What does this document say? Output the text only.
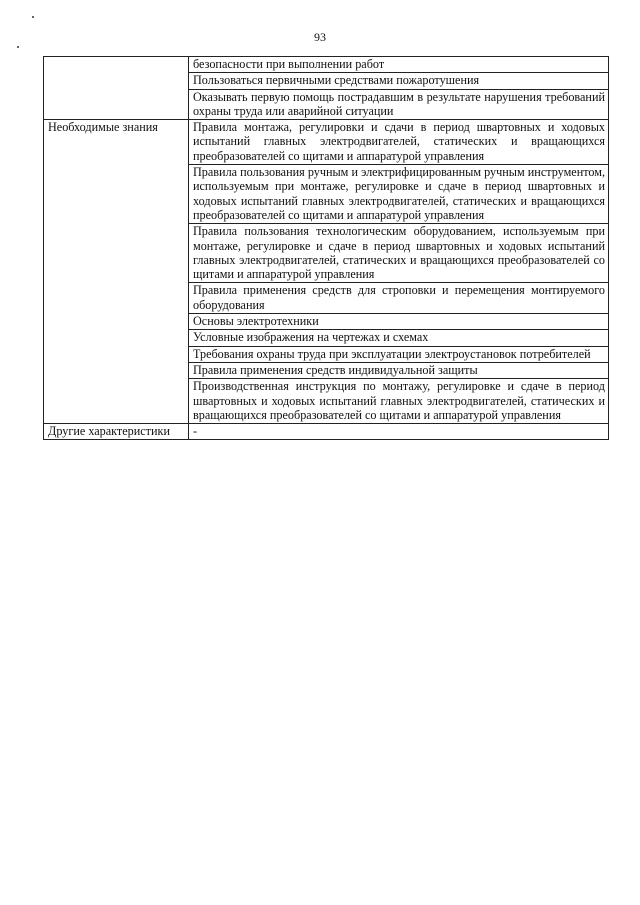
93
	безопасности при выполнении работ
	Пользоваться первичными средствами пожаротушения
	Оказывать первую помощь пострадавшим в результате нарушения требований охраны труда или аварийной ситуации
Необходимые знания	Правила монтажа, регулировки и сдачи в период швартовных и ходовых испытаний главных электродвигателей, статических и вращающихся преобразователей со щитами и аппаратурой управления
	Правила пользования ручным и электрифицированным ручным инструментом, используемым при монтаже, регулировке и сдаче в период швартовных и ходовых испытаний главных электродвигателей, статических и вращающихся преобразователей со щитами и аппаратурой управления
	Правила пользования технологическим оборудованием, используемым при монтаже, регулировке и сдаче в период швартовных и ходовых испытаний главных электродвигателей, статических и вращающихся преобразователей со щитами и аппаратурой управления
	Правила применения средств для строповки и перемещения монтируемого оборудования
	Основы электротехники
	Условные изображения на чертежах и схемах
	Требования охраны труда при эксплуатации электроустановок потребителей
	Правила применения средств индивидуальной защиты
	Производственная инструкция по монтажу, регулировке и сдаче в период швартовных и ходовых испытаний главных электродвигателей, статических и вращающихся преобразователей со щитами и аппаратурой управления
Другие характеристики	-
